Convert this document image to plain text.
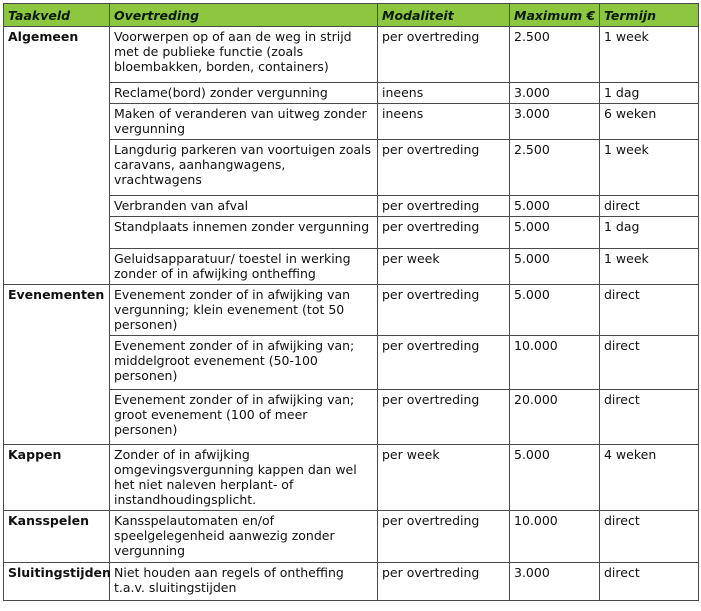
Taakveld	Overtreding	Modaliteit	Maximum €	Termijn
Algemeen	Voorwerpen op of aan de weg in strijd met de publieke functie (zoals bloembakken, borden, containers)	per overtreding	2.500	1 week
	Reclame(bord) zonder vergunning	ineens	3.000	1 dag
	Maken of veranderen van uitweg zonder vergunning	ineens	3.000	6 weken
	Langdurig parkeren van voortuigen zoals caravans, aanhangwagens, vrachtwagens	per overtreding	2.500	1 week
	Verbranden van afval	per overtreding	5.000	direct
	Standplaats innemen zonder vergunning	per overtreding	5.000	1 dag
	Geluidsapparatuur/ toestel in werking zonder of in afwijking ontheffing	per week	5.000	1 week
Evenementen	Evenement zonder of in afwijking van vergunning; klein evenement (tot 50 personen)	per overtreding	5.000	direct
	Evenement zonder of in afwijking van; middelgroot evenement (50-100 personen)	per overtreding	10.000	direct
	Evenement zonder of in afwijking van; groot evenement (100 of meer personen)	per overtreding	20.000	direct
Kappen	Zonder of in afwijking omgevingsvergunning kappen dan wel het niet naleven herplant- of instandhoudingsplicht.	per week	5.000	4 weken
Kansspelen	Kansspelautomaten en/of speelgelegenheid aanwezig zonder vergunning	per overtreding	10.000	direct
Sluitingstijden	Niet houden aan regels of ontheffing t.a.v. sluitingstijden	per overtreding	3.000	direct
